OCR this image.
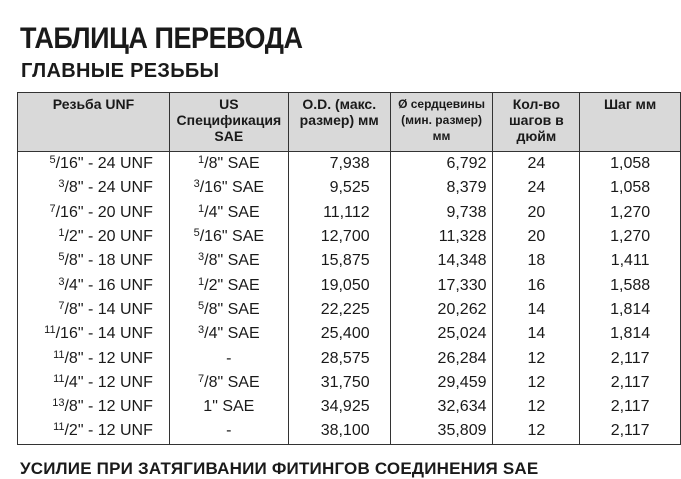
ТАБЛИЦА ПЕРЕВОДА
ГЛАВНЫЕ РЕЗЬБЫ
Резьба UNF	US Спецификация SAE	O.D. (макс. размер) мм	Ø сердцевины (мин. размер) мм	Кол-во шагов в дюйм	Шаг мм
$^5$/16" - 24 UNF	$^1$/8" SAE	7,938	6,792	24	1,058
$^3$/8" - 24 UNF	$^3$/16" SAE	9,525	8,379	24	1,058
$^7$/16" - 20 UNF	$^1$/4" SAE	11,112	9,738	20	1,270
$^1$/2" - 20 UNF	$^5$/16" SAE	12,700	11,328	20	1,270
$^5$/8" - 18 UNF	$^3$/8" SAE	15,875	14,348	18	1,411
$^3$/4" - 16 UNF	$^1$/2" SAE	19,050	17,330	16	1,588
$^7$/8" - 14 UNF	$^5$/8" SAE	22,225	20,262	14	1,814
$^{11}$/16" - 14 UNF	$^3$/4" SAE	25,400	25,024	14	1,814
$^{11}$/8" - 12 UNF	-	28,575	26,284	12	2,117
$^{11}$/4" - 12 UNF	$^7$/8" SAE	31,750	29,459	12	2,117
$^{13}$/8" - 12 UNF	1" SAE	34,925	32,634	12	2,117
$^{11}$/2" - 12 UNF	-	38,100	35,809	12	2,117
УСИЛИЕ ПРИ ЗАТЯГИВАНИИ ФИТИНГОВ СОЕДИНЕНИЯ SAE
